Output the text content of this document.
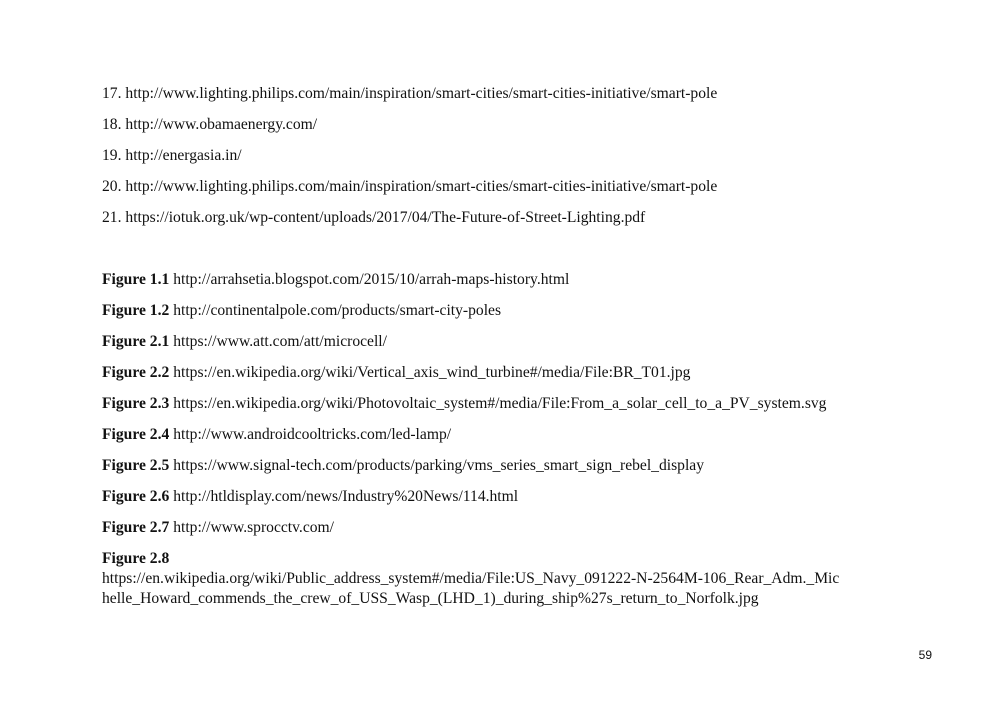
17. http://www.lighting.philips.com/main/inspiration/smart-cities/smart-cities-initiative/smart-pole
18. http://www.obamaenergy.com/
19. http://energasia.in/
20. http://www.lighting.philips.com/main/inspiration/smart-cities/smart-cities-initiative/smart-pole
21. https://iotuk.org.uk/wp-content/uploads/2017/04/The-Future-of-Street-Lighting.pdf
Figure 1.1 http://arrahsetia.blogspot.com/2015/10/arrah-maps-history.html
Figure 1.2 http://continentalpole.com/products/smart-city-poles
Figure 2.1 https://www.att.com/att/microcell/
Figure 2.2 https://en.wikipedia.org/wiki/Vertical_axis_wind_turbine#/media/File:BR_T01.jpg
Figure 2.3 https://en.wikipedia.org/wiki/Photovoltaic_system#/media/File:From_a_solar_cell_to_a_PV_system.svg
Figure 2.4 http://www.androidcooltricks.com/led-lamp/
Figure 2.5 https://www.signal-tech.com/products/parking/vms_series_smart_sign_rebel_display
Figure 2.6 http://htldisplay.com/news/Industry%20News/114.html
Figure 2.7 http://www.sprocctv.com/
Figure 2.8
https://en.wikipedia.org/wiki/Public_address_system#/media/File:US_Navy_091222-N-2564M-106_Rear_Adm._Mic
helle_Howard_commends_the_crew_of_USS_Wasp_(LHD_1)_during_ship%27s_return_to_Norfolk.jpg
59
